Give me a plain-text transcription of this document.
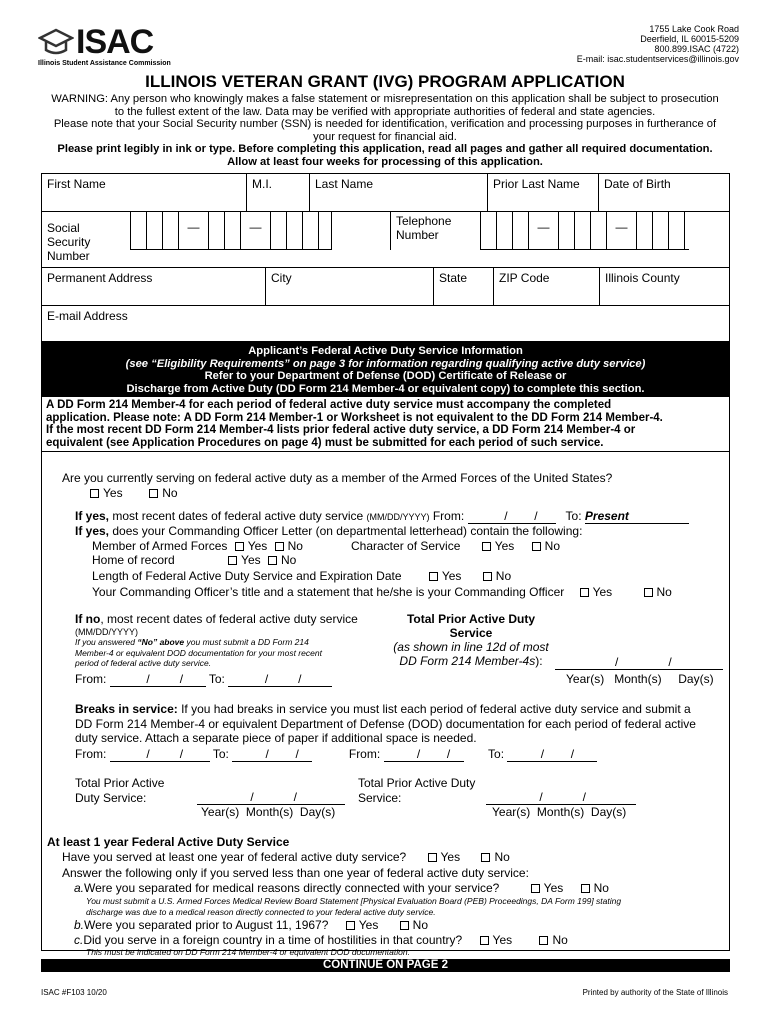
ISAC
Illinois Student Assistance Commission
1755 Lake Cook Road
Deerfield, IL 60015-5209
800.899.ISAC (4722)
E-mail: isac.studentservices@illinois.gov
ILLINOIS VETERAN GRANT (IVG) PROGRAM APPLICATION
WARNING: Any person who knowingly makes a false statement or misrepresentation on this application shall be subject to prosecution
to the fullest extent of the law. Data may be verified with appropriate authorities of federal and state agencies.
Please note that your Social Security number (SSN) is needed for identification, verification and processing purposes in furtherance of
your request for financial aid.
Please print legibly in ink or type. Before completing this application, read all pages and gather all required documentation.
Allow at least four weeks for processing of this application.
First Name	M.I.	Last Name	Prior Last Name	Date of Birth
Social Security
Number
—
—
Telephone
Number
—
—
Permanent Address	City	State	ZIP Code	Illinois County
E-mail Address
Applicant’s Federal Active Duty Service Information
(see “Eligibility Requirements” on page 3 for information regarding qualifying active duty service)
Refer to your Department of Defense (DOD) Certificate of Release or
Discharge from Active Duty (DD Form 214 Member-4 or equivalent copy) to complete this section.
A DD Form 214 Member-4 for each period of federal active duty service must accompany the completed
application. Please note: A DD Form 214 Member-1 or Worksheet is not equivalent to the DD Form 214 Member-4.
If the most recent DD Form 214 Member-4 lists prior federal active duty service, a DD Form 214 Member-4 or
equivalent (see Application Procedures on page 4) must be submitted for each period of such service.
Are you currently serving on federal active duty as a member of the Armed Forces of the United States?
Yes	No
If yes, most recent dates of federal active duty service (MM/DD/YYYY) From:            /        / To: Present
If yes, does your Commanding Officer Letter (on departmental letterhead) contain the following:
Member of Armed Forces Yes No	Character of Service	Yes	No
Home of record	Yes No
Length of Federal Active Duty Service and Expiration Date	Yes	No
Your Commanding Officer’s title and a statement that he/she is your Commanding Officer Yes	No
If no, most recent dates of federal active duty service
(MM/DD/YYYY)
If you answered “No” above you must submit a DD Form 214
Member-4 or equivalent DOD documentation for your most recent
period of federal active duty service.
From:            /         / To:            /         /
Total Prior Active Duty
Service
(as shown in line 12d of most
DD Form 214 Member-4s):	/               /
Year(s)   Month(s)     Day(s)
Breaks in service: If you had breaks in service you must list each period of federal active duty service and submit a
DD Form 214 Member-4 or equivalent Department of Defense (DOD) documentation for each period of federal active
duty service. Attach a separate piece of paper if additional space is needed.
From:            /         / To:           /        /	From:           /        /	To:           /        /
Total Prior Active
Duty Service:	/            /
Year(s)  Month(s)  Day(s)
Total Prior Active Duty
Service:	/            /
Year(s)  Month(s)  Day(s)
At least 1 year Federal Active Duty Service
Have you served at least one year of federal active duty service?	Yes	No
Answer the following only if you served less than one year of federal active duty service:
a.Were you separated for medical reasons directly connected with your service?	Yes	No
You must submit a U.S. Armed Forces Medical Review Board Statement [Physical Evaluation Board (PEB) Proceedings, DA Form 199] stating
discharge was due to a medical reason directly connected to your federal active duty service.
b.Were you separated prior to August 11, 1967?	Yes	No
c.Did you serve in a foreign country in a time of hostilities in that country?	Yes	No
This must be indicated on DD Form 214 Member-4 or equivalent DOD documentation.
CONTINUE ON PAGE 2
ISAC #F103 10/20	Printed by authority of the State of Illinois
